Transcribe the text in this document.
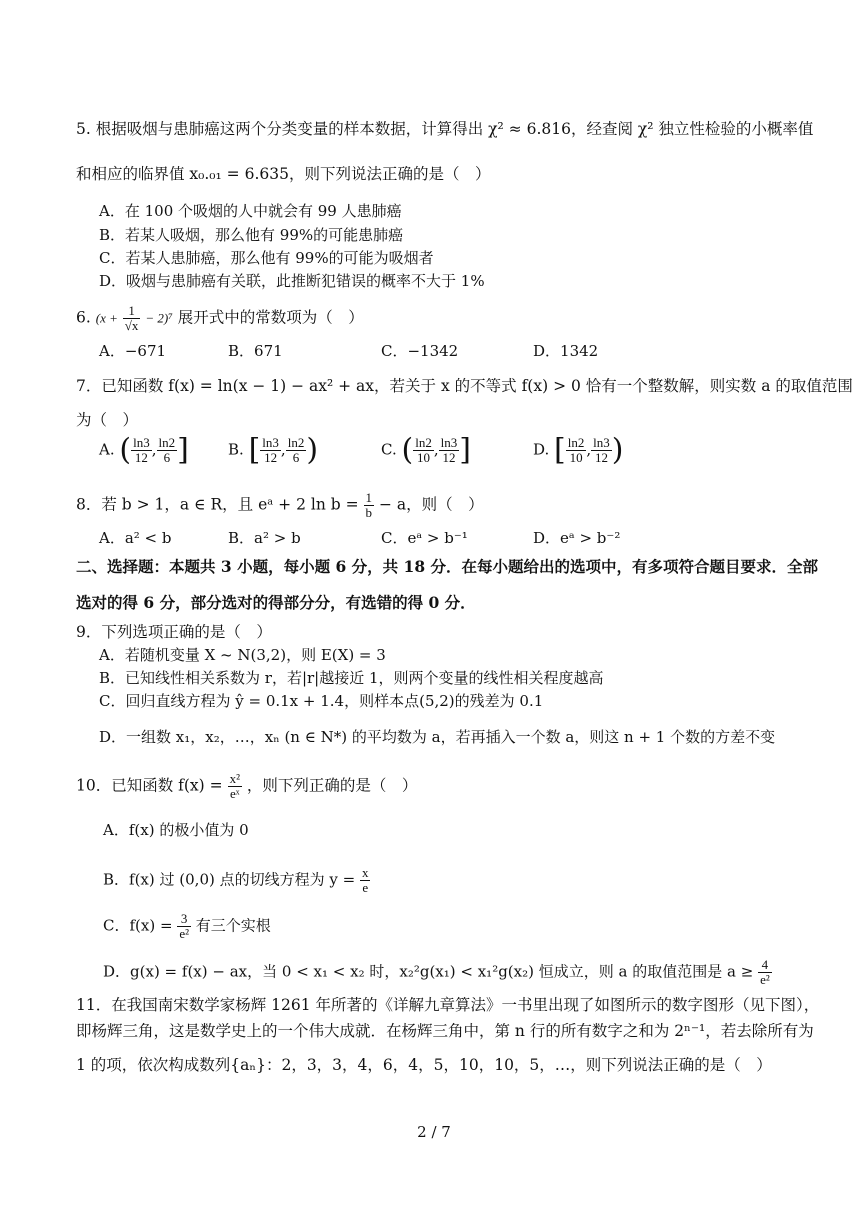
5. 根据吸烟与患肺癌这两个分类变量的样本数据，计算得出 χ² ≈ 6.816，经查阅 χ² 独立性检验的小概率值
和相应的临界值 x₀.₀₁ = 6.635，则下列说法正确的是（　）
A．在 100 个吸烟的人中就会有 99 人患肺癌
B．若某人吸烟，那么他有 99%的可能患肺癌
C．若某人患肺癌，那么他有 99%的可能为吸烟者
D．吸烟与患肺癌有关联，此推断犯错误的概率不大于 1%
6. $(x + \frac{1}{√x} - 2)^7$ 展开式中的常数项为（　）
A．−671	B．671	C．−1342	D．1342
7．已知函数 f(x) = ln(x − 1) − ax² + ax，若关于 x 的不等式 f(x) > 0 恰有一个整数解，则实数 a 的取值范围
为（　）
A. ( $\frac{\ln 3}{12}$ , $\frac{\ln 2}{6}$ ]	B. [ $\frac{\ln 3}{12}$ , $\frac{\ln 2}{6}$ )	C. ( $\frac{\ln 2}{10}$ , $\frac{\ln 3}{12}$ ]	D. [ $\frac{\ln 2}{10}$ , $\frac{\ln 3}{12}$ )
8．若 b > 1，a ∈ R，且 eᵃ + 2 $\ln b = \frac{1}{b} - a$，则（　）
A．a² < b	B．a² > b	C．eᵃ > b⁻¹	D．eᵃ > b⁻²
二、选择题：本题共 3 小题，每小题 6 分，共 18 分．在每小题给出的选项中，有多项符合题目要求．全部
选对的得 6 分，部分选对的得部分分，有选错的得 0 分．
9．下列选项正确的是（　）
A．若随机变量 X ~ N(3,2)，则 E(X) = 3
B．已知线性相关系数为 r，若|r|越接近 1，则两个变量的线性相关程度越高
C．回归直线方程为 ŷ = 0.1x + 1.4，则样本点(5,2)的残差为 0.1
D．一组数 x₁，x₂，…，xₙ (n ∈ N*) 的平均数为 a，若再插入一个数 a，则这 n + 1 个数的方差不变
10．已知函数 $f(x) = \frac{\text{x²}}{\text{eˣ}}$ ，则下列正确的是（　）
A．f(x) 的极小值为 0
B．f(x) 过 (0,0) 点的切线方程为 $y = \frac{x}{e}$
C．$f(x) = \frac{3}{\text{e²}}$ 有三个实根
D．g(x) = f(x) − ax，当 0 < x₁ < x₂ 时，x₂²g(x₁) < x₁²g(x₂) 恒成立，则 a 的取值范围是 $a \ge \frac{4}{\text{e²}}$
11．在我国南宋数学家杨辉 1261 年所著的《详解九章算法》一书里出现了如图所示的数字图形（见下图），
即杨辉三角，这是数学史上的一个伟大成就．在杨辉三角中，第 n 行的所有数字之和为 2ⁿ⁻¹，若去除所有为
1 的项，依次构成数列{aₙ}：2，3，3，4，6，4，5，10，10，5，…，则下列说法正确的是（　）
2 / 7
